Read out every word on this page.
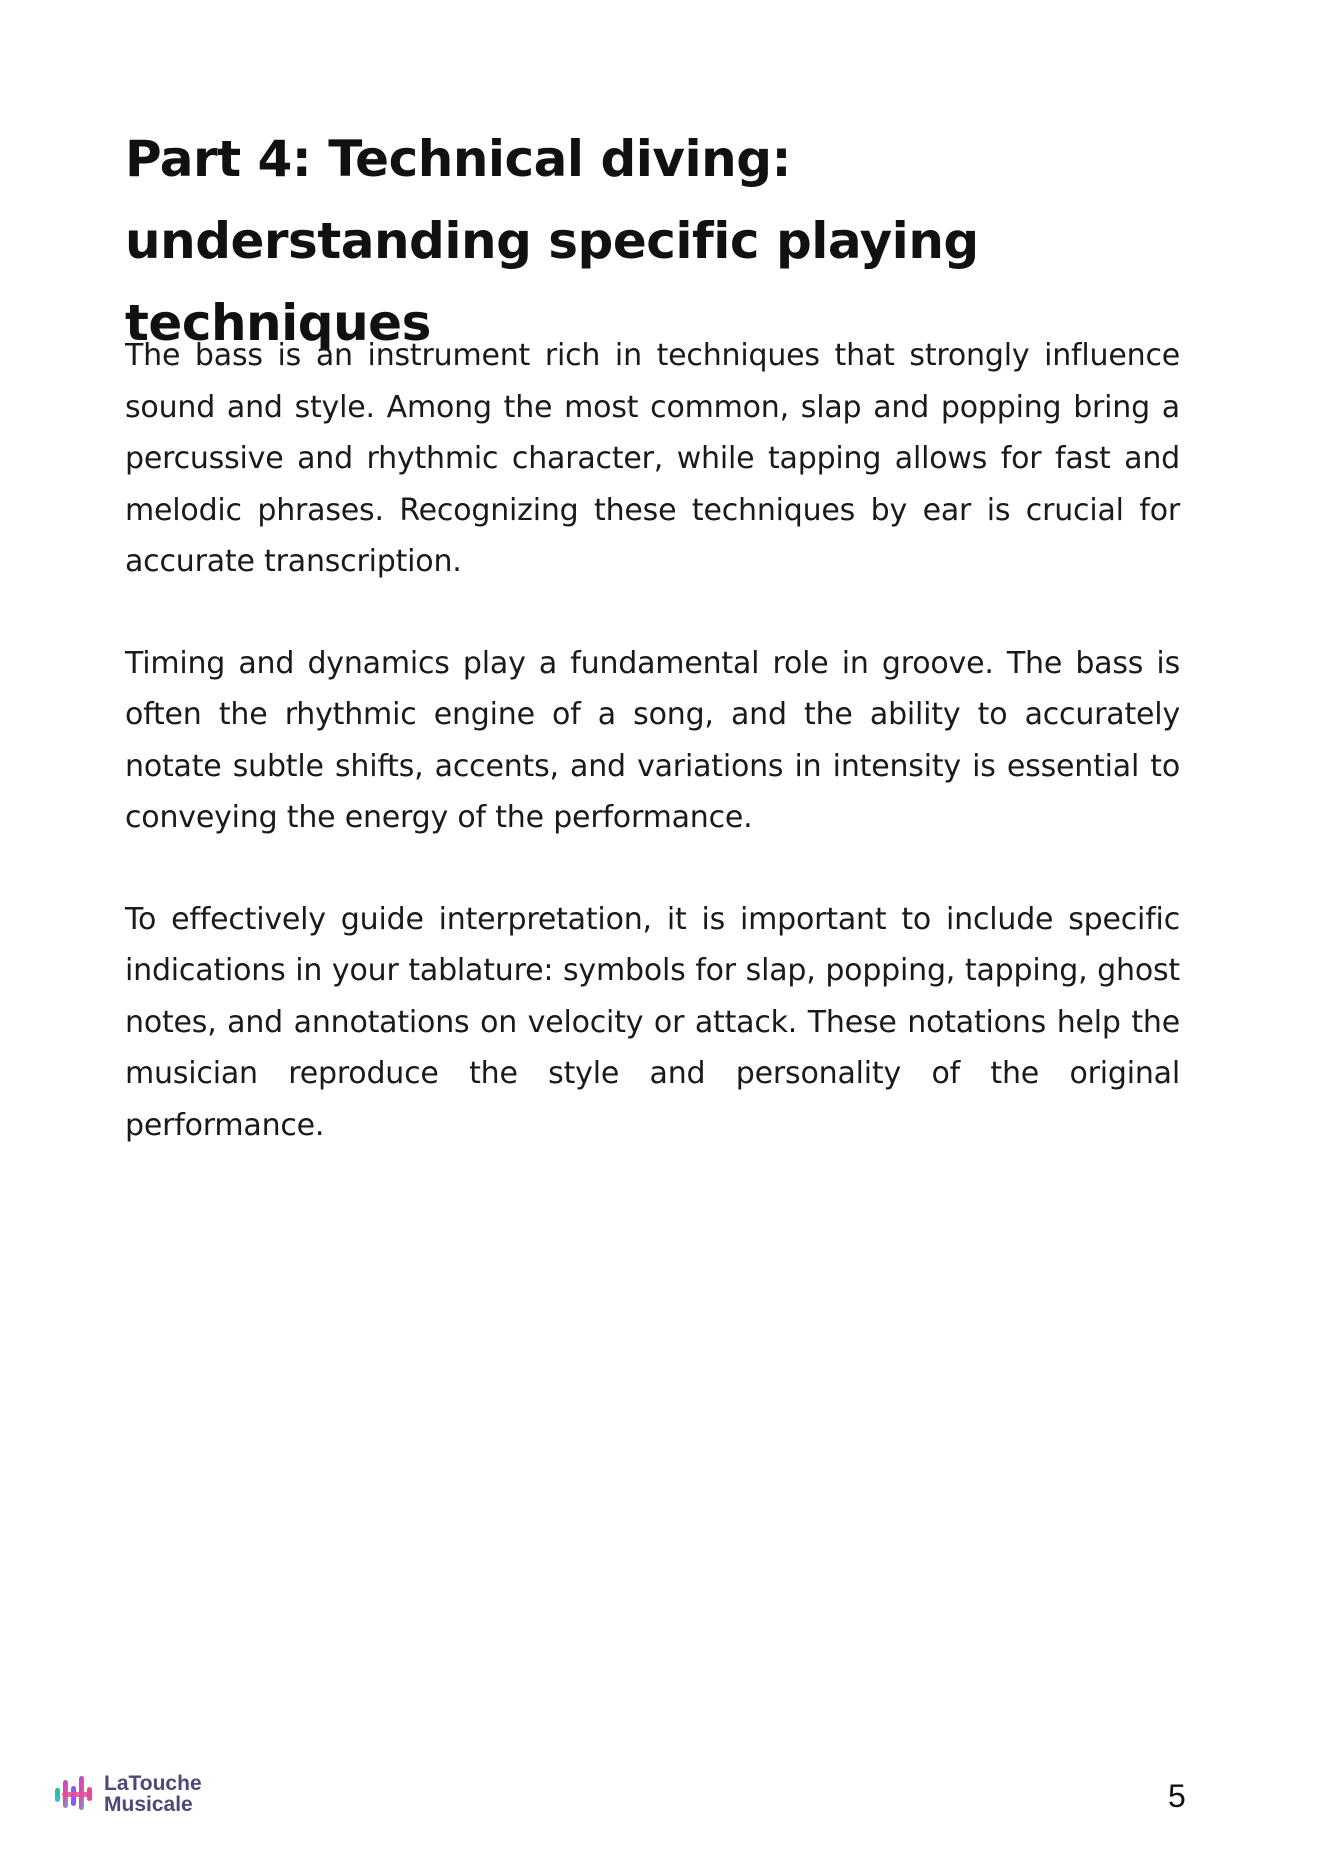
Part 4: Technical diving: understanding specific playing techniques

The bass is an instrument rich in techniques that strongly influence sound and style. Among the most common, slap and popping bring a percussive and rhythmic character, while tapping allows for fast and melodic phrases. Recognizing these techniques by ear is crucial for accurate transcription.

Timing and dynamics play a fundamental role in groove. The bass is often the rhythmic engine of a song, and the ability to accurately notate subtle shifts, accents, and variations in intensity is essential to conveying the energy of the performance.

To effectively guide interpretation, it is important to include specific indications in your tablature: symbols for slap, popping, tapping, ghost notes, and annotations on velocity or attack. These notations help the musician reproduce the style and personality of the original performance.

LaTouche
Musicale	5
